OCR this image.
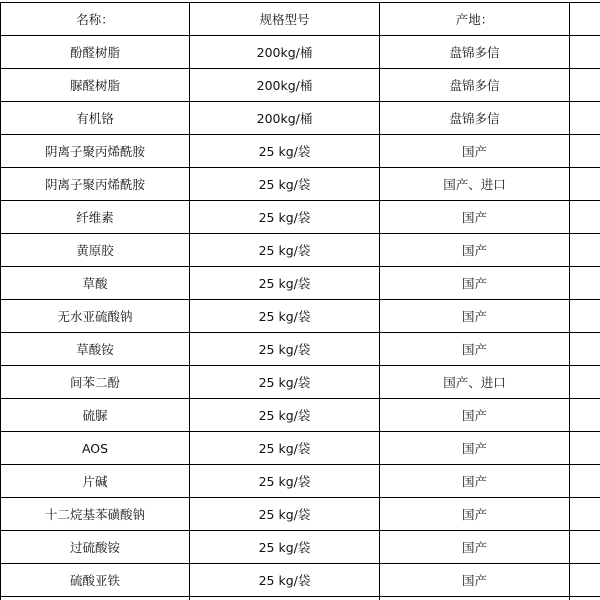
名称：	规格型号	产地：	
酚醛树脂	200kg/桶	盘锦多信	
脲醛树脂	200kg/桶	盘锦多信	
有机铬	200kg/桶	盘锦多信	
阴离子聚丙烯酰胺	25 kg/袋	国产	
阴离子聚丙烯酰胺	25 kg/袋	国产、进口	
纤维素	25 kg/袋	国产	
黄原胶	25 kg/袋	国产	
草酸	25 kg/袋	国产	
无水亚硫酸钠	25 kg/袋	国产	
草酸铵	25 kg/袋	国产	
间苯二酚	25 kg/袋	国产、进口	
硫脲	25 kg/袋	国产	
AOS	25 kg/袋	国产	
片碱	25 kg/袋	国产	
十二烷基苯磺酸钠	25 kg/袋	国产	
过硫酸铵	25 kg/袋	国产	
硫酸亚铁	25 kg/袋	国产	
